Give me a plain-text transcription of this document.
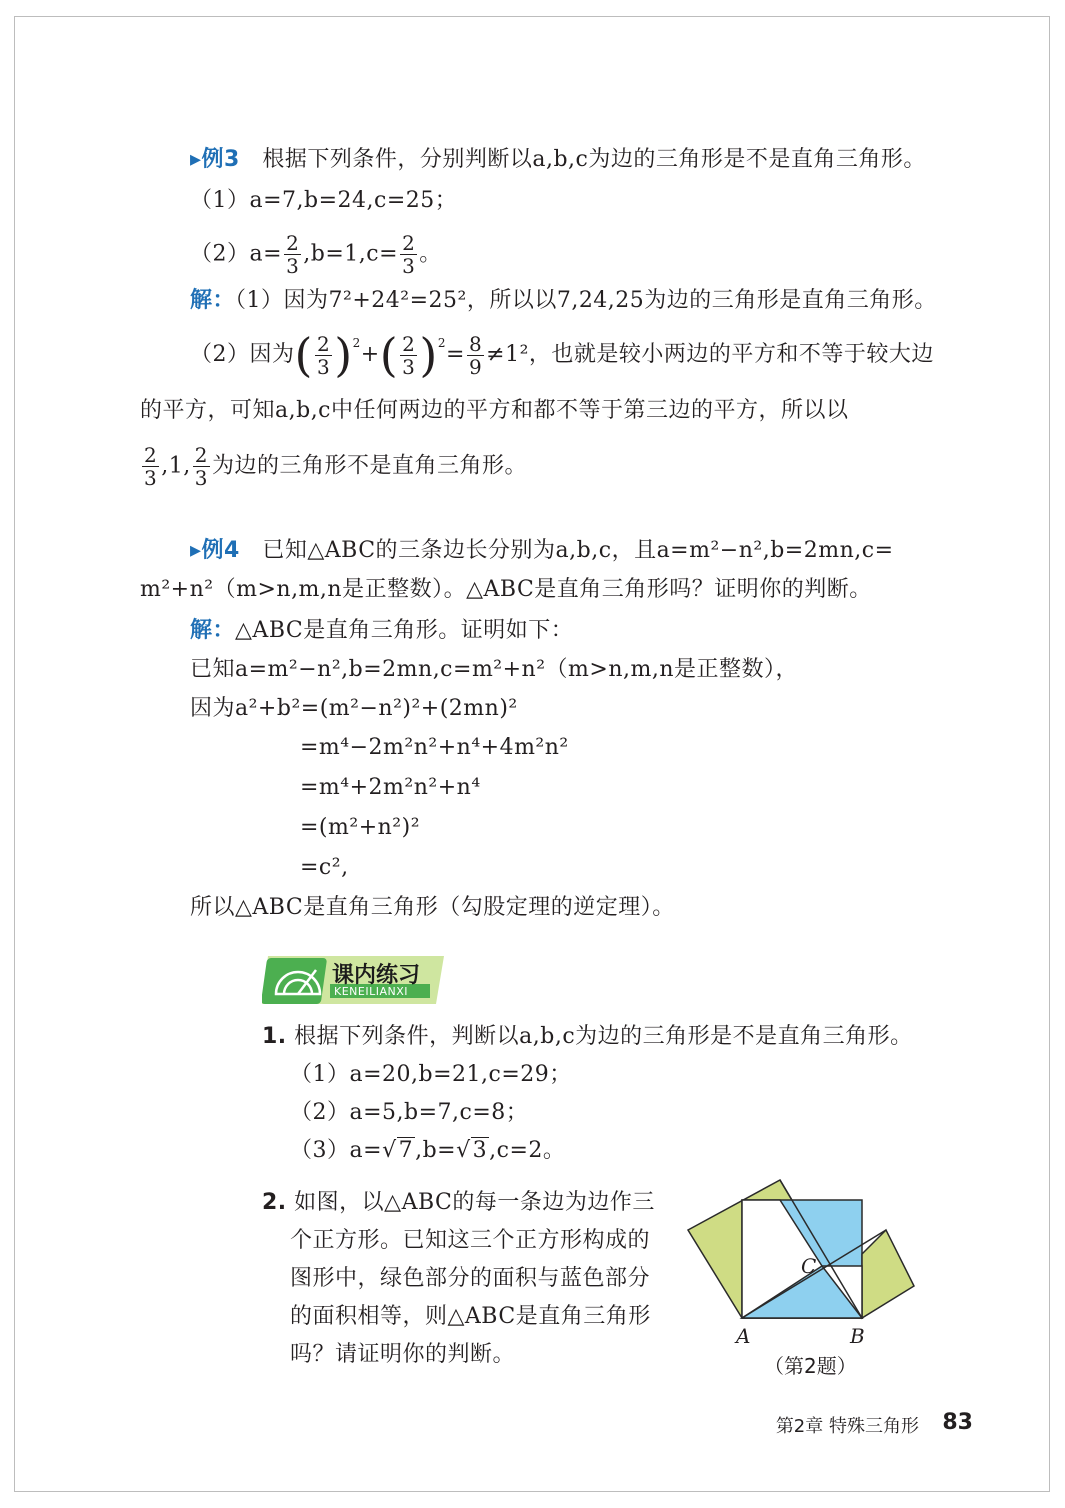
▸例3 根据下列条件，分别判断以a,b,c为边的三角形是不是直角三角形。
（1）a=7,b=24,c=25；
$(2)a= \frac{2}{3} ,b=1,c= \frac{2}{3}$ 。
解：（1）因为7²+24²=25²，所以以7,24,25为边的三角形是直角三角形。
（2）因为( $\frac{2}{3} )^2+( \frac{2}{3} )^2= \frac{8}{9} \ne 1^2$，也就是较小两边的平方和不等于较大边
的平方，可知a,b,c中任何两边的平方和都不等于第三边的平方，所以以
$\frac{2}{3} ,1$, $\frac{2}{3}$ 为边的三角形不是直角三角形。
▸例4 已知△ABC的三条边长分别为a,b,c，且a=m²−n²,b=2mn,c=
m²+n²（m>n,m,n是正整数）。△ABC是直角三角形吗？证明你的判断。
解：△ABC是直角三角形。证明如下：
已知a=m²−n²,b=2mn,c=m²+n²（m>n,m,n是正整数），
因为a²+b²=(m²−n²)²+(2mn)²
=m⁴−2m²n²+n⁴+4m²n²
=m⁴+2m²n²+n⁴
=(m²+n²)²
=c²,
所以△ABC是直角三角形（勾股定理的逆定理）。
课内练习
KENEILIANXI
1. 根据下列条件，判断以a,b,c为边的三角形是不是直角三角形。
（1）a=20,b=21,c=29；
（2）a=5,b=7,c=8；
（3）a=√7,b=√3,c=2。
2. 如图，以△ABC的每一条边为边作三
个正方形。已知这三个正方形构成的
图形中，绿色部分的面积与蓝色部分
的面积相等，则△ABC是直角三角形
吗？请证明你的判断。
A	B
C
（第2题）
第2章 特殊三角形 83
